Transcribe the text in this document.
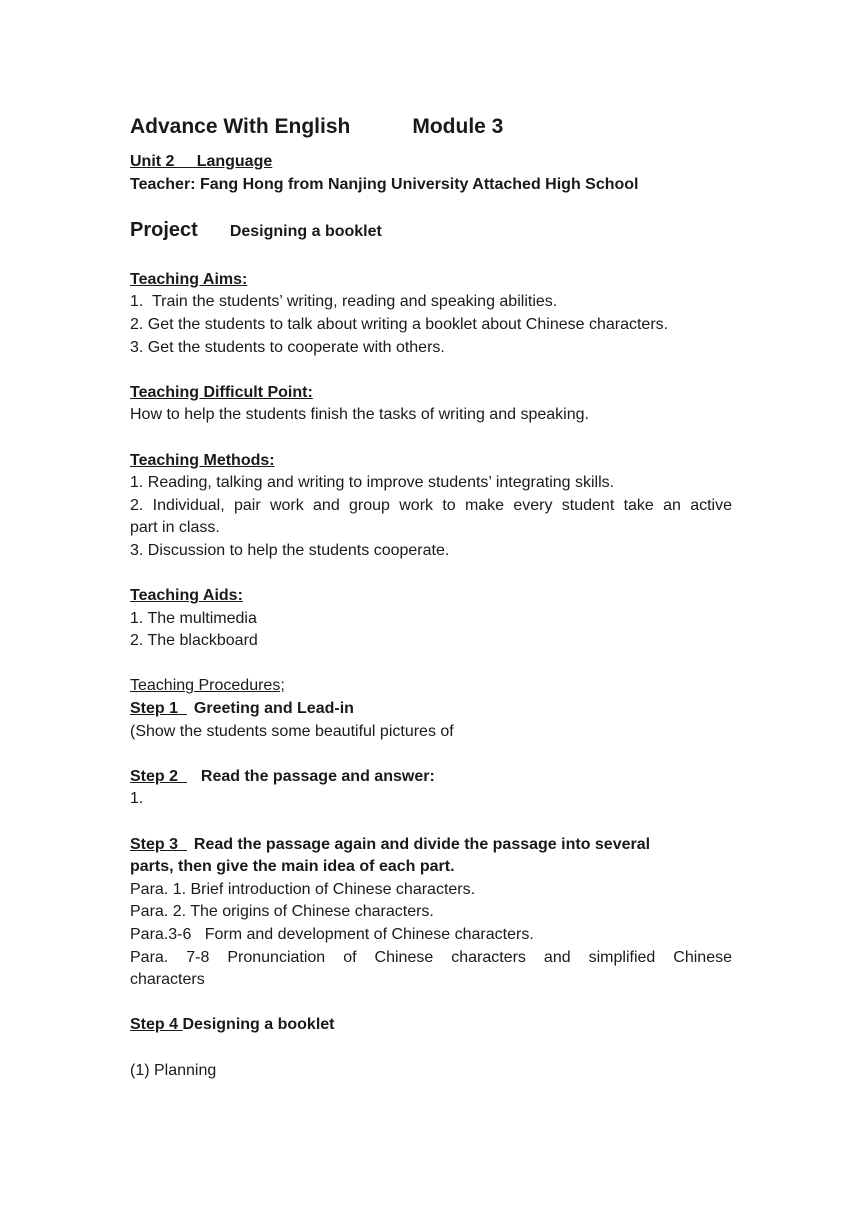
Advance With English	Module 3
Unit 2 Language
Teacher: Fang Hong from Nanjing University Attached High School
Project Designing a booklet
Teaching Aims:
1.  Train the students’ writing, reading and speaking abilities.
2. Get the students to talk about writing a booklet about Chinese characters.
3. Get the students to cooperate with others.
Teaching Difficult Point:
How to help the students finish the tasks of writing and speaking.
Teaching Methods:
1. Reading, talking and writing to improve students’ integrating skills.
2. Individual, pair work and group work to make every student take an active
part in class.
3. Discussion to help the students cooperate.
Teaching Aids:
1. The multimedia
2. The blackboard
Teaching Procedures;
Step 1 Greeting and Lead-in
(Show the students some beautiful pictures of
Step 2 Read the passage and answer:
1.
Step 3 Read the passage again and divide the passage into several
parts, then give the main idea of each part.
Para. 1. Brief introduction of Chinese characters.
Para. 2. The origins of Chinese characters.
Para.3-6   Form and development of Chinese characters.
Para. 7-8 Pronunciation of Chinese characters and simplified Chinese
characters
Step 4 Designing a booklet
(1) Planning
